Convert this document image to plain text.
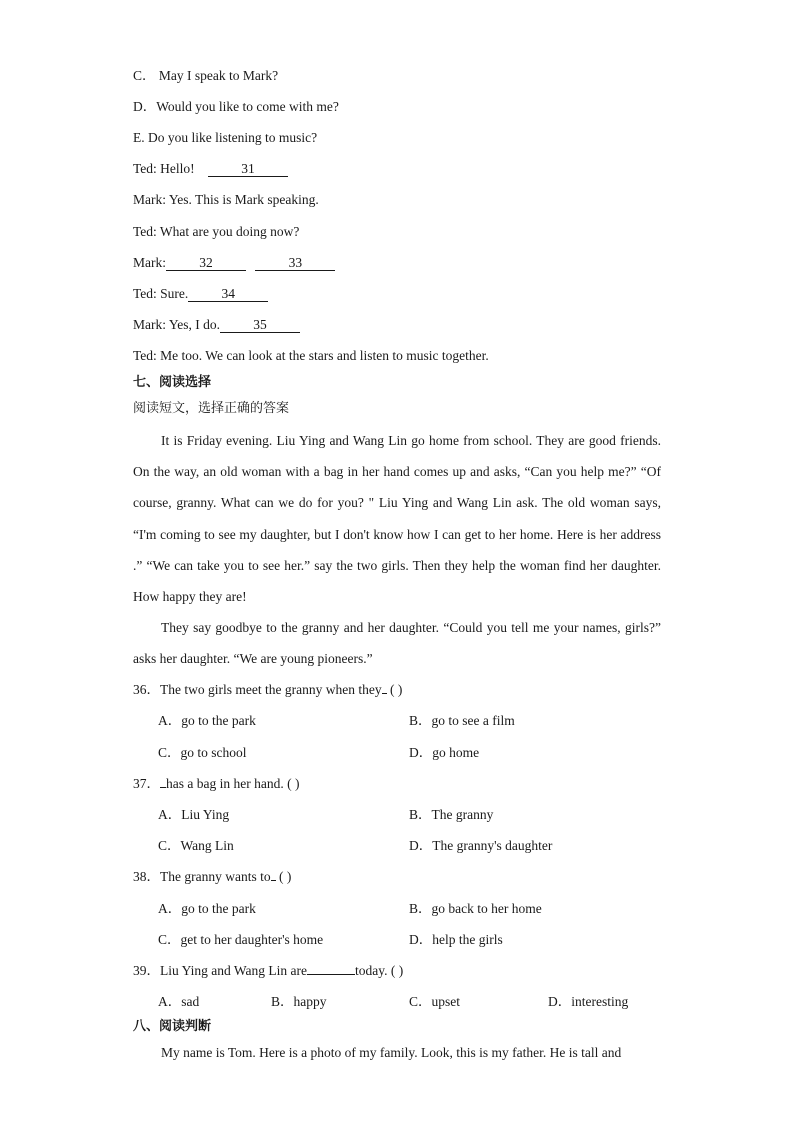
C． May I speak to Mark?
D．Would you like to come with me?
E. Do you like listening to music?
Ted: Hello!	31
Mark: Yes. This is Mark speaking.
Ted: What are you doing now?
Mark: 32	33
Ted: Sure. 34
Mark: Yes, I do. 35
Ted: Me too. We can look at the stars and listen to music together.
七、阅读选择
阅读短文，选择正确的答案
It is Friday evening. Liu Ying and Wang Lin go home from school. They are good friends. On the way, an old woman with a bag in her hand comes up and asks, “Can you help me?” “Of course, granny. What can we do for you? " Liu Ying and Wang Lin ask. The old woman says, “I'm coming to see my daughter, but I don't know how I can get to her home. Here is her address .” “We can take you to see her.” say the two girls. Then they help the woman find her daughter. How happy they are!
They say goodbye to the granny and her daughter. “Could you tell me your names, girls?” asks her daughter. “We are young pioneers.”
36．The two girls meet the granny when they ( )
A．go to the park	B．go to see a film
C．go to school	D．go home
37． has a bag in her hand. ( )
A．Liu Ying	B．The granny
C．Wang Lin	D．The granny's daughter
38．The granny wants to ( )
A．go to the park	B．go back to her home
C．get to her daughter's home	D．help the girls
39．Liu Ying and Wang Lin are	today. ( )
A．sad	B．happy	C．upset	D．interesting
八、阅读判断
My name is Tom. Here is a photo of my family. Look, this is my father. He is tall and
